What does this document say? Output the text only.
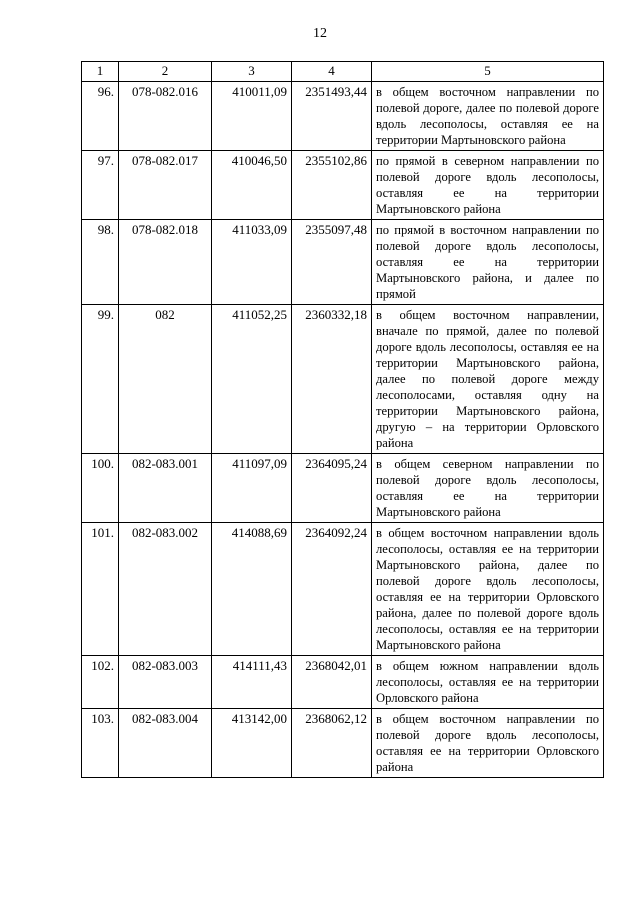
12
1	2	3	4	5
96.	078-082.016	410011,09	2351493,44	в общем восточном направлении по полевой дороге, далее по полевой дороге вдоль лесополосы, оставляя ее на территории Мартыновского района
97.	078-082.017	410046,50	2355102,86	по прямой в северном направлении по полевой дороге вдоль лесополосы, оставляя ее на территории Мартыновского района
98.	078-082.018	411033,09	2355097,48	по прямой в восточном направлении по полевой дороге вдоль лесополосы, оставляя ее на территории Мартыновского района, и далее по прямой
99.	082	411052,25	2360332,18	в общем восточном направлении, вначале по прямой, далее по полевой дороге вдоль лесополосы, оставляя ее на территории Мартыновского района, далее по полевой дороге между лесополосами, оставляя одну на территории Мартыновского района, другую – на территории Орловского района
100.	082-083.001	411097,09	2364095,24	в общем северном направлении по полевой дороге вдоль лесополосы, оставляя ее на территории Мартыновского района
101.	082-083.002	414088,69	2364092,24	в общем восточном направлении вдоль лесополосы, оставляя ее на территории Мартыновского района, далее по полевой дороге вдоль лесополосы, оставляя ее на территории Орловского района, далее по полевой дороге вдоль лесополосы, оставляя ее на территории Мартыновского района
102.	082-083.003	414111,43	2368042,01	в общем южном направлении вдоль лесополосы, оставляя ее на территории Орловского района
103.	082-083.004	413142,00	2368062,12	в общем восточном направлении по полевой дороге вдоль лесополосы, оставляя ее на территории Орловского района
